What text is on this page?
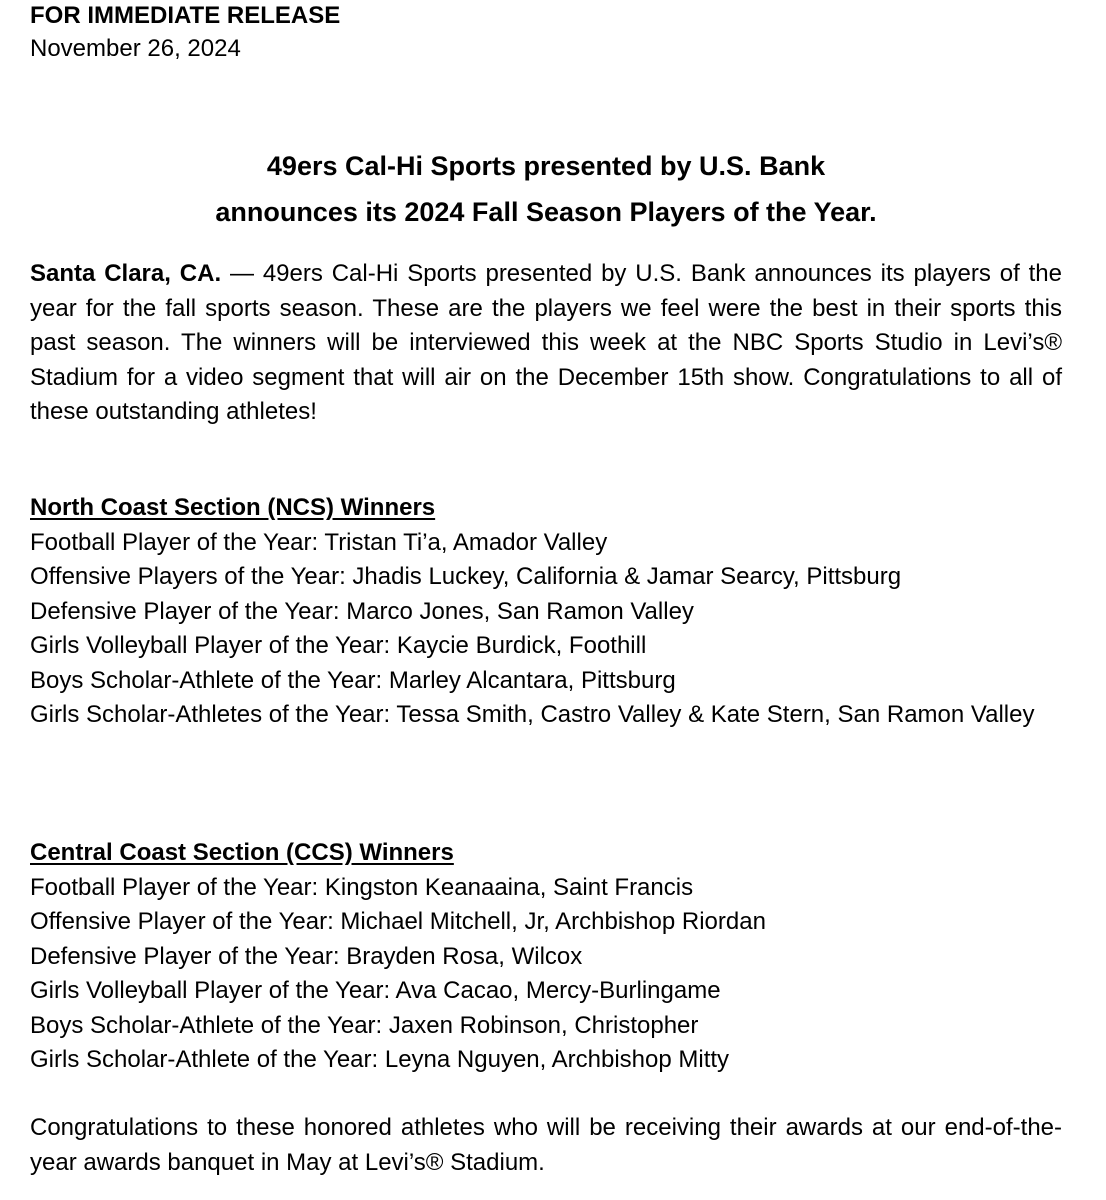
FOR IMMEDIATE RELEASE
November 26, 2024
49ers Cal-Hi Sports presented by U.S. Bank
announces its 2024 Fall Season Players of the Year.
Santa Clara, CA. — 49ers Cal-Hi Sports presented by U.S. Bank announces its players of the year for the fall sports season. These are the players we feel were the best in their sports this past season. The winners will be interviewed this week at the NBC Sports Studio in Levi’s® Stadium for a video segment that will air on the December 15th show. Congratulations to all of these outstanding athletes!
North Coast Section (NCS) Winners
Football Player of the Year: Tristan Ti’a, Amador Valley
Offensive Players of the Year: Jhadis Luckey, California & Jamar Searcy, Pittsburg
Defensive Player of the Year: Marco Jones, San Ramon Valley
Girls Volleyball Player of the Year: Kaycie Burdick, Foothill
Boys Scholar-Athlete of the Year: Marley Alcantara, Pittsburg
Girls Scholar-Athletes of the Year: Tessa Smith, Castro Valley & Kate Stern, San Ramon Valley
Central Coast Section (CCS) Winners
Football Player of the Year: Kingston Keanaaina, Saint Francis
Offensive Player of the Year: Michael Mitchell, Jr, Archbishop Riordan
Defensive Player of the Year: Brayden Rosa, Wilcox
Girls Volleyball Player of the Year: Ava Cacao, Mercy-Burlingame
Boys Scholar-Athlete of the Year: Jaxen Robinson, Christopher
Girls Scholar-Athlete of the Year: Leyna Nguyen, Archbishop Mitty
Congratulations to these honored athletes who will be receiving their awards at our end-of-the-year awards banquet in May at Levi’s® Stadium.
